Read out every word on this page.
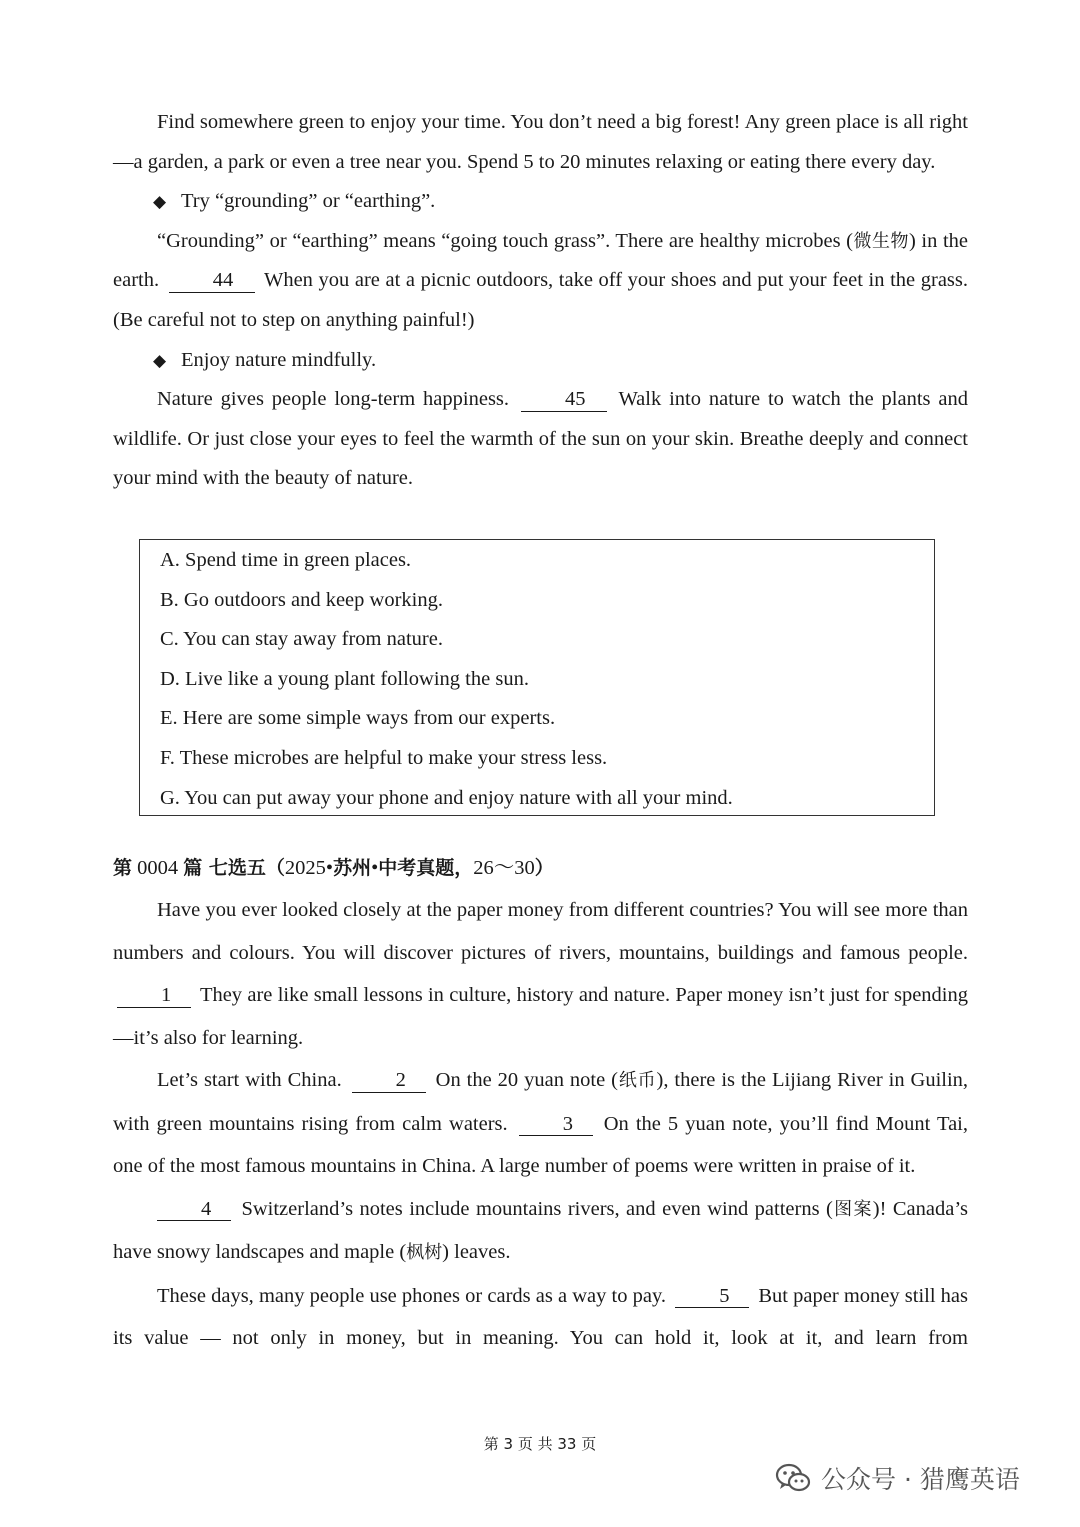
Find somewhere green to enjoy your time. You don’t need a big forest! Any green place is all right—a garden, a park or even a tree near you. Spend 5 to 20 minutes relaxing or eating there every day.

◆ Try “grounding” or “earthing”.

“Grounding” or “earthing” means “going touch grass”. There are healthy microbes (微生物) in the earth.	44 When you are at a picnic outdoors, take off your shoes and put your feet in the grass. (Be careful not to step on anything painful!)

◆ Enjoy nature mindfully.

Nature gives people long-term happiness.	45 Walk into nature to watch the plants and wildlife. Or just close your eyes to feel the warmth of the sun on your skin. Breathe deeply and connect your mind with the beauty of nature.

A. Spend time in green places.
B. Go outdoors and keep working.
C. You can stay away from nature.
D. Live like a young plant following the sun.
E. Here are some simple ways from our experts.
F. These microbes are helpful to make your stress less.
G. You can put away your phone and enjoy nature with all your mind.
第 0004 篇 七选五（2025•苏州•中考真题，26～30）

Have you ever looked closely at the paper money from different countries? You will see more than numbers and colours. You will discover pictures of rivers, mountains, buildings and famous people. 1 They are like small lessons in culture, history and nature. Paper money isn’t just for spending—it’s also for learning.

Let’s start with China.	2 On the 20 yuan note (纸币), there is the Lijiang River in Guilin, with green mountains rising from calm waters.	3 On the 5 yuan note, you’ll find Mount Tai, one of the most famous mountains in China. A large number of poems were written in praise of it.

4 Switzerland’s notes include mountains rivers, and even wind patterns (图案)! Canada’s have snowy landscapes and maple (枫树) leaves.

These days, many people use phones or cards as a way to pay.	5 But paper money still has its value — not only in money, but in meaning. You can hold it, look at it, and learn from

第 3 页 共 33 页
公众号 · 猎鹰英语
